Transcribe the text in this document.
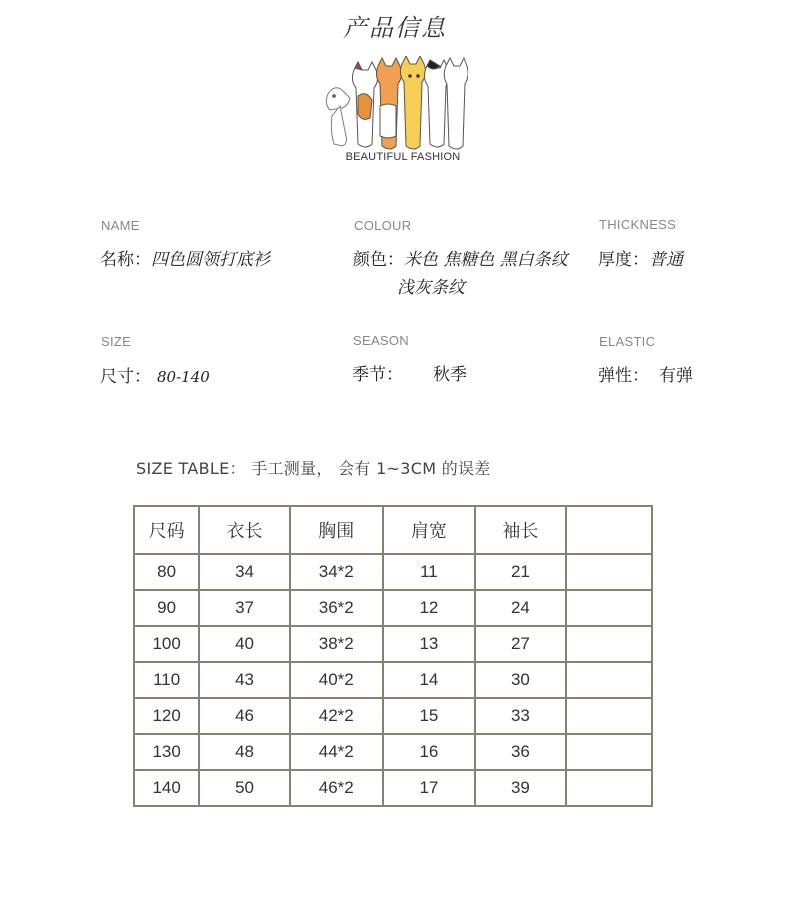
产品信息
BEAUTIFUL FASHION
NAME
名称：四色圆领打底衫
COLOUR
颜色：米色 焦糖色 黑白条纹
浅灰条纹
THICKNESS
厚度：普通
SIZE
尺寸： 80-140
SEASON
季节： 秋季
ELASTIC
弹性： 有弹
SIZE TABLE： 手工测量， 会有 1~3CM 的误差
尺码	衣长	胸围	肩宽	袖长	
80	34	34*2	11	21	
90	37	36*2	12	24	
100	40	38*2	13	27	
110	43	40*2	14	30	
120	46	42*2	15	33	
130	48	44*2	16	36	
140	50	46*2	17	39	
